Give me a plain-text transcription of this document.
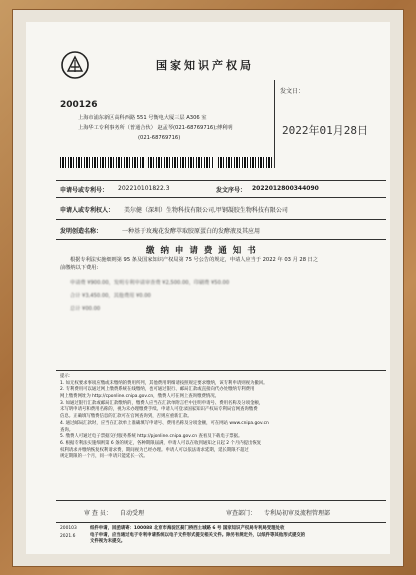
国家知识产权局
200126
上海市浦东新区高科西路 551 号衡电大厦三层 A306 室
上海华工专利事务所（普通合伙） 赵孟琴(021-68769716);傅利明
(021-68769716)
发文日：
2022年01月28日
申请号或专利号： 202210101822.3	发文序号： 2022012800344090
申请人或专利权人： 美尔健（深圳）生物科技有限公司,甲钢凝胶生物科技有限公司
发明创造名称：	一种基于玫瑰花发酵萃取胶原蛋白的发酵液及其应用
缴 纳 申 请 费 通 知 书
根据专利法实施细则第 95 条及国家知识产权局第 75 号公告的规定，申请人应当于 2022 年 03 月 28 日之
前缴纳以下费用:
申请费 ¥900.00，发明专利申请审查费 ¥2,500.00，印刷费 ¥50.00
合计 ¥3,450.00，其他费用 ¥0.00
总计 ¥00.00
提示：
1. 如无权要求事项应缴或未缴纳的费用所列，其他费用明细请按照规定要求缴纳，该专利申请则视为撤回。
2. 专利费用可以通过网上缴费系统在线缴纳，也可通过银行、邮局汇款或直接向代办处缴纳专利费用
网上缴费网址为 http://cponline.cnipa.gov.cn，缴费人可在网上查询缴费情况。
3. 如通过银行汇款或邮局汇款缴纳的，缴费人应当在汇款单附言栏中注明申请号、费用名称及分项金额，
未写明申请号和费用名称的，视为未办理缴费手续。申请人可登录国家知识产权局专利局官网查询缴费
信息。正确填写缴费信息的汇款可在官网查询到，否则应重新汇款。
4. 通过邮局汇款时，应当在汇款单上准确填写申请号、费用名称及分项金额，可在网站 www.cnipa.gov.cn
查询。
5. 缴费人可通过电子票据交付服务系统 http://pjonline.cnipa.gov.cn 查看及下载电子票据。
6. 根据专利法实施细则第 6 条的规定，各种期限届满，申请人可以在收到通知之日起 2 个月内提出恢复
权利请求并缴纳恢复权利请求费，期间视为已经办理。申请人可以依法请求延期，延长期限不超过
规定期限的一个月，同一申请只能延长一次。
审 查 员： 自动受理	审查部门： 专利局初审及流程管理部
200103
2021.6
纸件申请，回函请寄：100088 北京市海淀区蓟门桥西土城路 6 号 国家知识产权局专利局受理处收
电子申请，应当通过电子专利申请系统以电子文件形式提交相关文件。除另有规定外，以纸件等其他形式提交的
文件视为未提交。
